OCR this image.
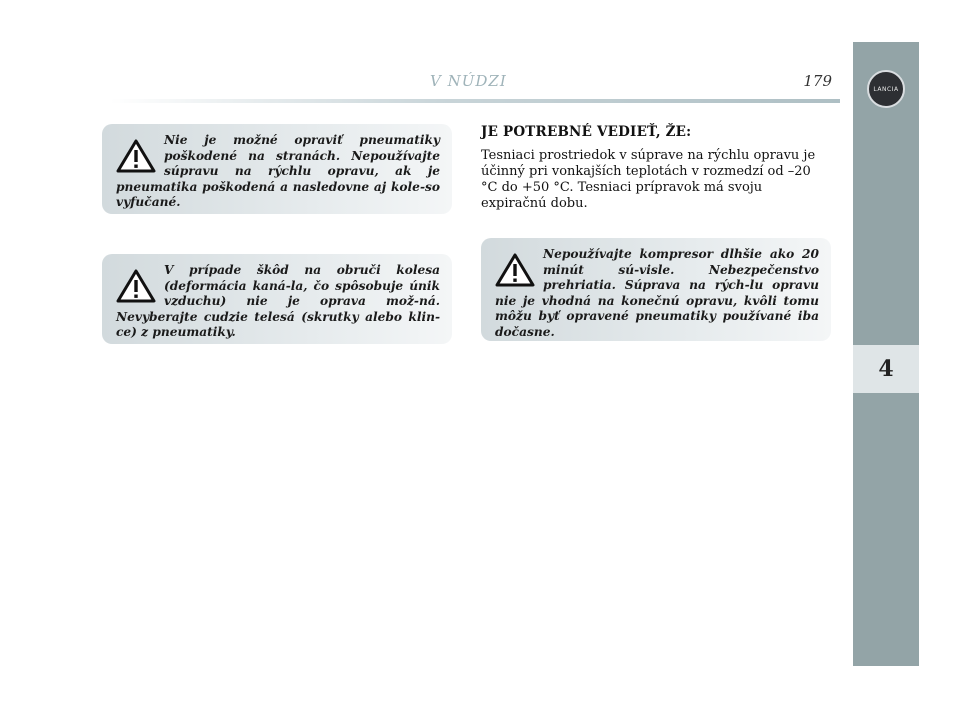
V NÚDZI	179	LANCIA
4

Nie je možné opraviť pneumatiky poškodené na stranách. Nepoužívajte súpravu na rýchlu opravu, ak je pneumatika poškodená a nasledovne aj kole-so vyfučané.

V prípade škôd na obruči kolesa (deformácia kaná-la, čo spôsobuje únik vzduchu) nie je oprava mož-ná. Nevyberajte cudzie telesá (skrutky alebo klin-ce) z pneumatiky.

JE POTREBNÉ VEDIEŤ, ŽE:

Tesniaci prostriedok v súprave na rýchlu opravu je účinný pri vonkajších teplotách v rozmedzí od –20 °C do +50 °C. Tesniaci prípravok má svoju expiračnú dobu.

Nepoužívajte kompresor dlhšie ako 20 minút sú-visle. Nebezpečenstvo prehriatia. Súprava na rých-lu opravu nie je vhodná na konečnú opravu, kvôli tomu môžu byť opravené pneumatiky používané iba dočasne.
